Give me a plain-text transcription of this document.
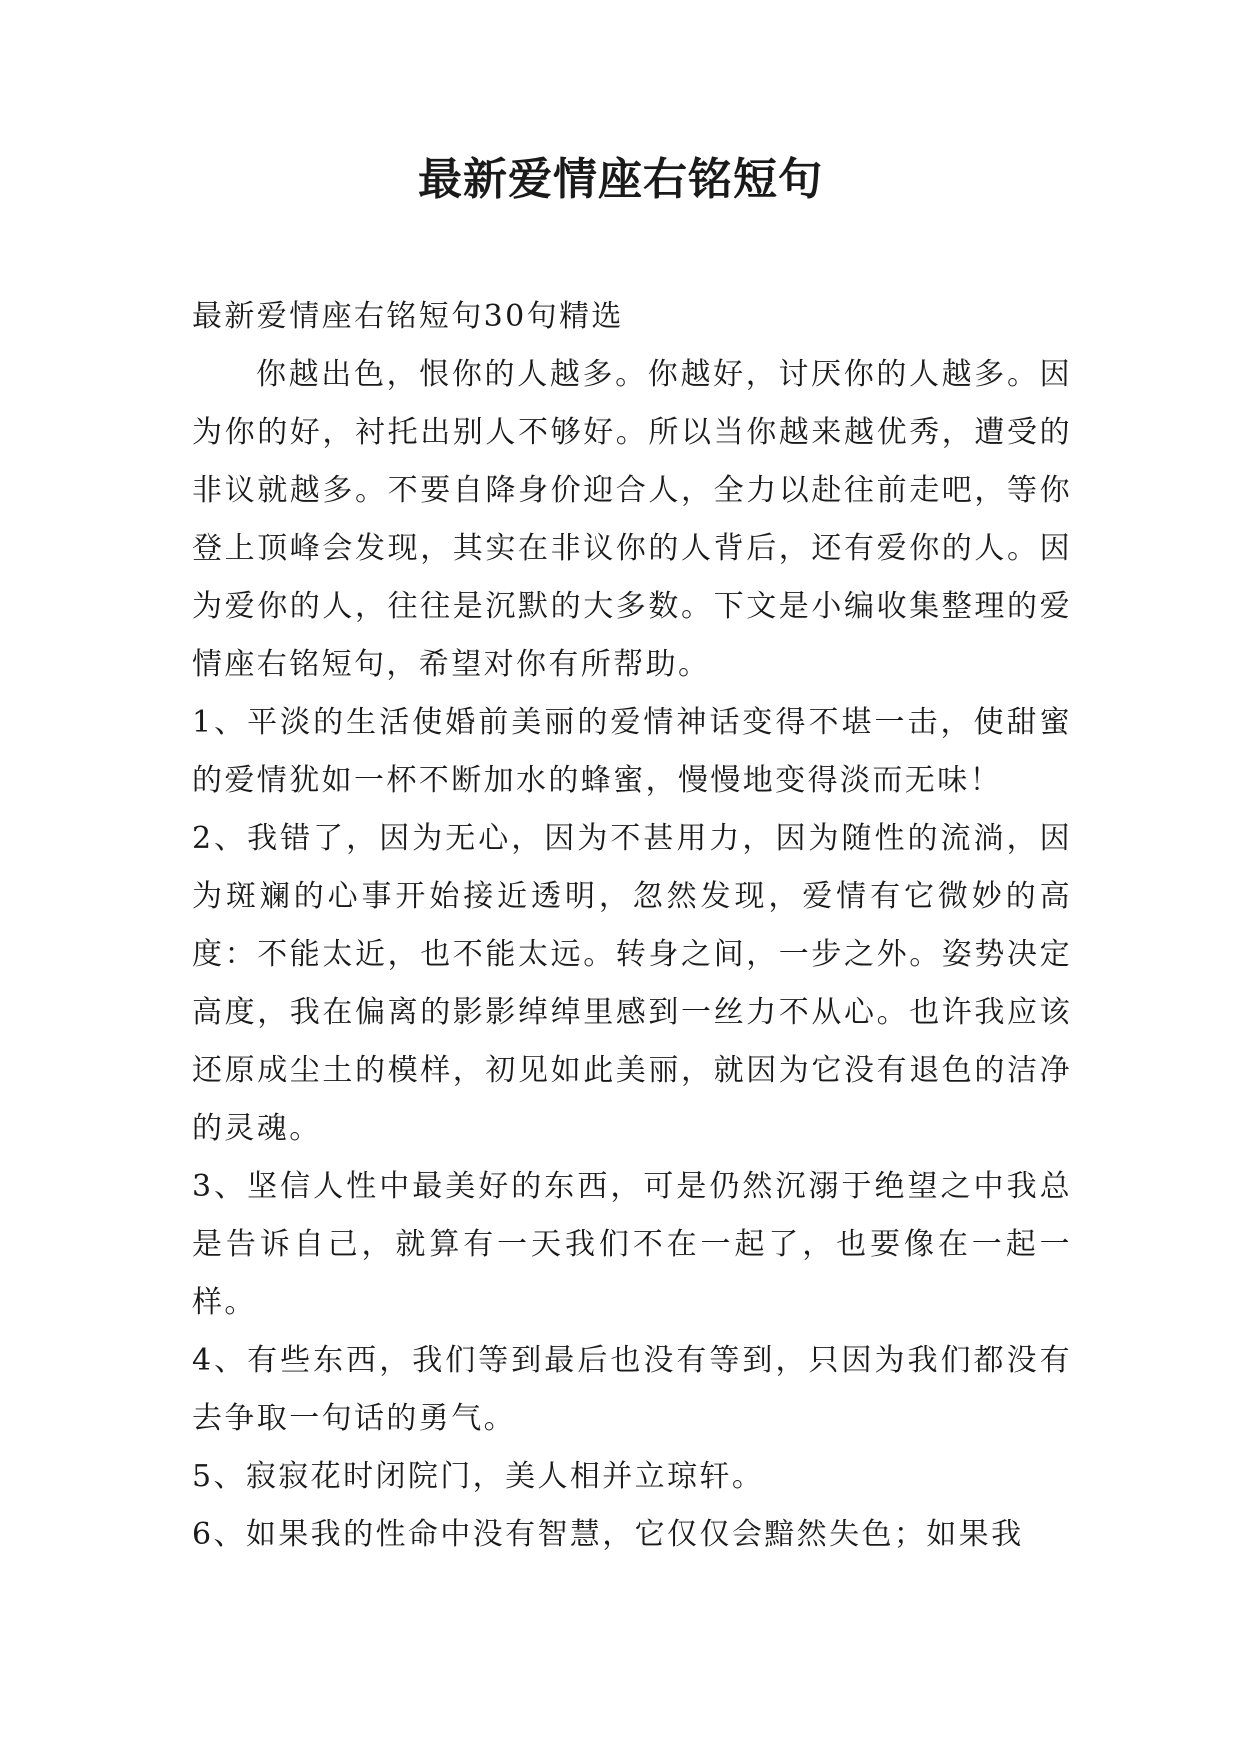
最新爱情座右铭短句

最新爱情座右铭短句30句精选

你越出色，恨你的人越多。你越好，讨厌你的人越多。因为你的好，衬托出别人不够好。所以当你越来越优秀，遭受的非议就越多。不要自降身价迎合人，全力以赴往前走吧，等你登上顶峰会发现，其实在非议你的人背后，还有爱你的人。因为爱你的人，往往是沉默的大多数。下文是小编收集整理的爱情座右铭短句，希望对你有所帮助。

1、平淡的生活使婚前美丽的爱情神话变得不堪一击，使甜蜜的爱情犹如一杯不断加水的蜂蜜，慢慢地变得淡而无味！

2、我错了，因为无心，因为不甚用力，因为随性的流淌，因为斑斓的心事开始接近透明，忽然发现，爱情有它微妙的高度：不能太近，也不能太远。转身之间，一步之外。姿势决定高度，我在偏离的影影绰绰里感到一丝力不从心。也许我应该还原成尘土的模样，初见如此美丽，就因为它没有退色的洁净的灵魂。

3、坚信人性中最美好的东西，可是仍然沉溺于绝望之中我总是告诉自己，就算有一天我们不在一起了，也要像在一起一样。

4、有些东西，我们等到最后也没有等到，只因为我们都没有去争取一句话的勇气。

5、寂寂花时闭院门，美人相并立琼轩。

6、如果我的性命中没有智慧，它仅仅会黯然失色；如果我
